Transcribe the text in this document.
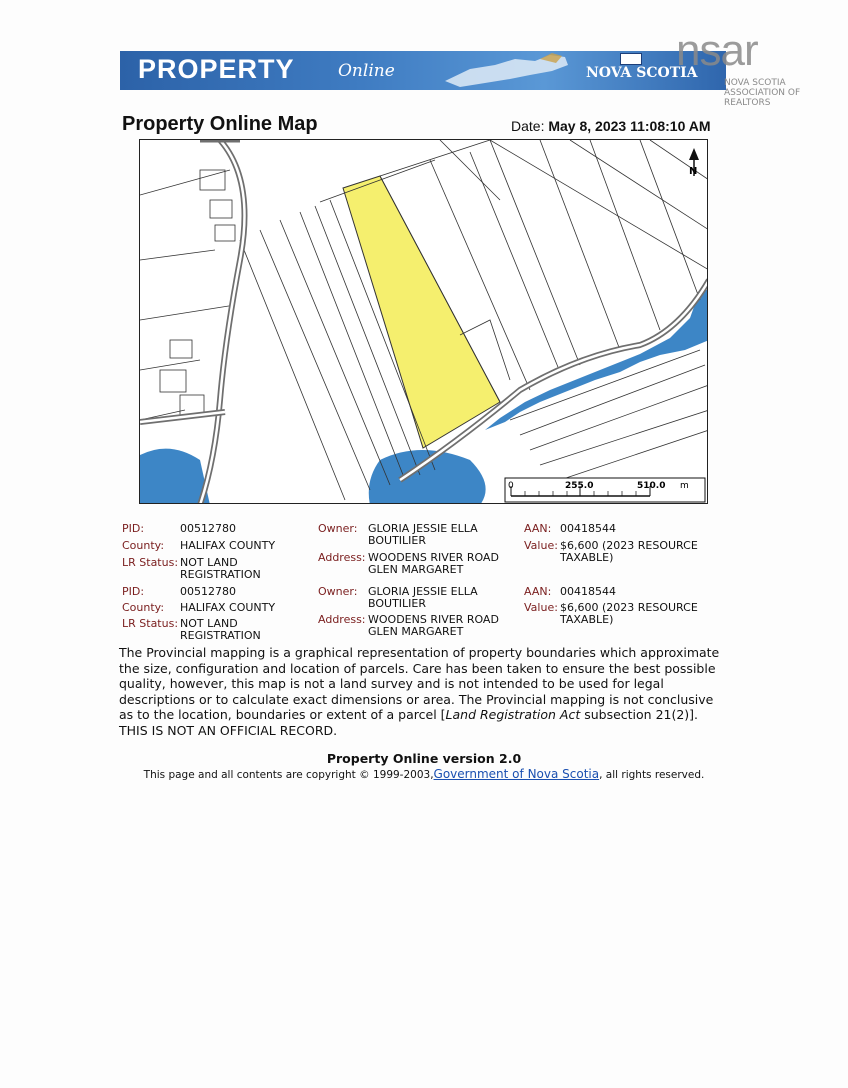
PROPERTY	Online	NOVA SCOTIA
nsar
NOVA SCOTIA ASSOCIATION OF REALTORS
Property Online Map	Date: May 8, 2023 11:08:10 AM
N
0	255.0	510.0 m
PID:	00512780
County: HALIFAX COUNTY
LR Status: NOT LAND
REGISTRATION
Owner: GLORIA JESSIE ELLA
BOUTILIER
Address: WOODENS RIVER ROAD
GLEN MARGARET
AAN: 00418544
Value: $6,600 (2023 RESOURCE
TAXABLE)
PID:	00512780
County: HALIFAX COUNTY
LR Status: NOT LAND
REGISTRATION
Owner: GLORIA JESSIE ELLA
BOUTILIER
Address: WOODENS RIVER ROAD
GLEN MARGARET
AAN: 00418544
Value: $6,600 (2023 RESOURCE
TAXABLE)
The Provincial mapping is a graphical representation of property boundaries which approximate the size, configuration and location of parcels. Care has been taken to ensure the best possible quality, however, this map is not a land survey and is not intended to be used for legal descriptions or to calculate exact dimensions or area. The Provincial mapping is not conclusive as to the location, boundaries or extent of a parcel [Land Registration Act subsection 21(2)]. THIS IS NOT AN OFFICIAL RECORD.
Property Online version 2.0
This page and all contents are copyright © 1999-2003,Government of Nova Scotia, all rights reserved.
